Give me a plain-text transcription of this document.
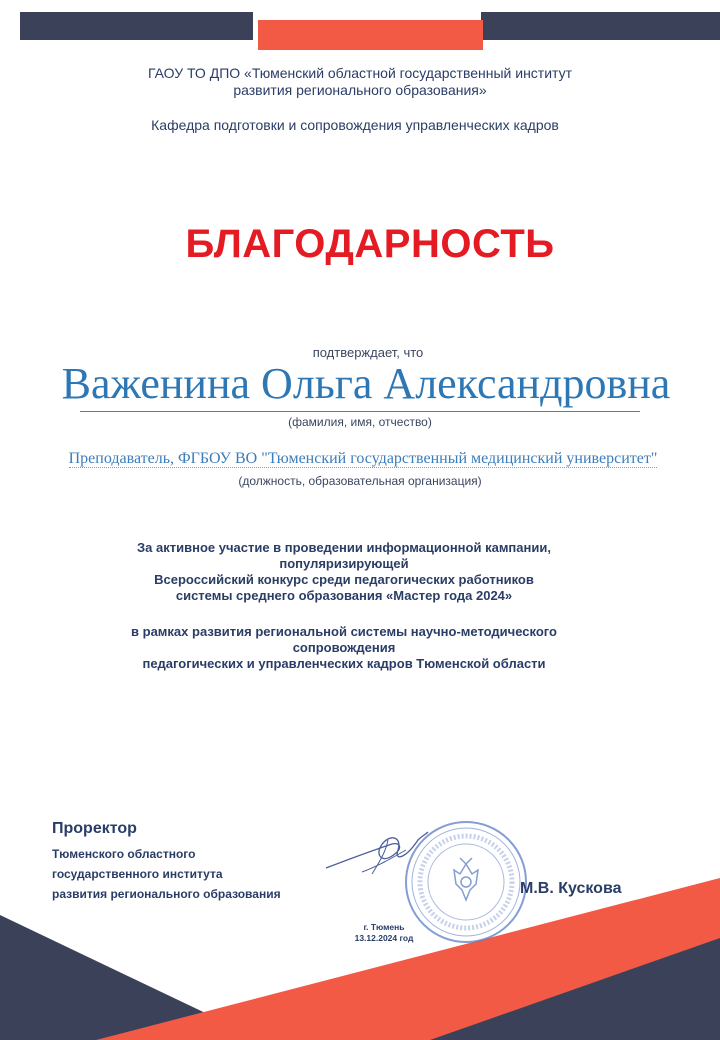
ГАОУ ТО ДПО «Тюменский областной государственный институт
развития регионального образования»
Кафедра подготовки и сопровождения управленческих кадров
БЛАГОДАРНОСТЬ
подтверждает, что
Важенина Ольга Александровна
(фамилия, имя, отчество)
Преподаватель, ФГБОУ ВО "Тюменский государственный медицинский университет"
(должность, образовательная организация)
За активное участие в проведении информационной кампании,
популяризирующей
Всероссийский конкурс среди педагогических работников
системы среднего образования «Мастер года 2024»
в рамках развития региональной системы научно-методического
сопровождения
педагогических и управленческих кадров Тюменской области
Проректор
Тюменского областного
государственного института
развития регионального образования	М.В. Кускова
г. Тюмень
13.12.2024 год
